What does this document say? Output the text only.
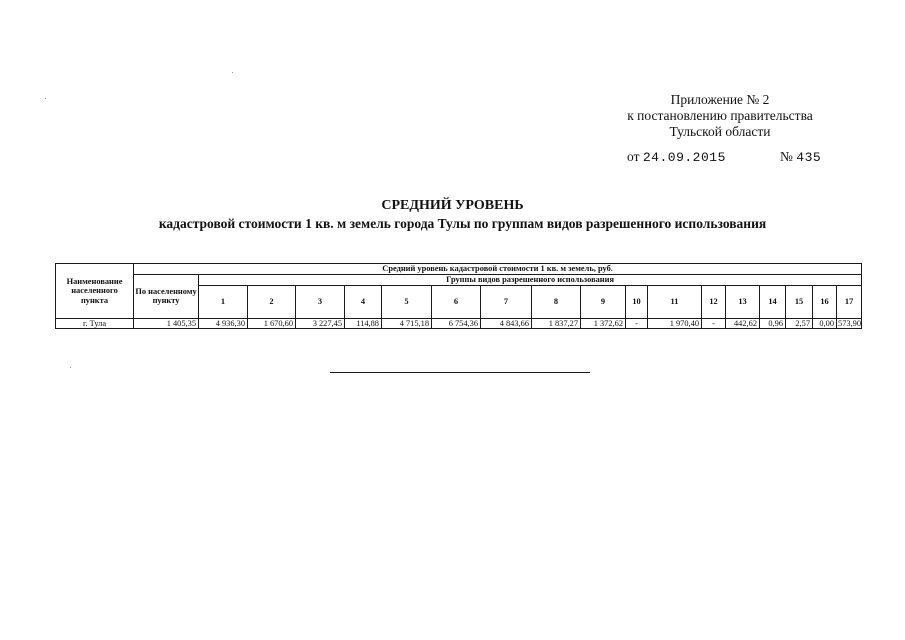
Приложение № 2
к постановлению правительства
Тульской области
от 24.09.2015	№ 435
СРЕДНИЙ УРОВЕНЬ
кадастровой стоимости 1 кв. м земель города Тулы по группам видов разрешенного использования
Наименование населенного пункта	Средний уровень кадастровой стоимости 1 кв. м земель, руб.																	
	По населенному пункту	Группы видов разрешенного использования																
		1	2	3	4	5	6	7	8	9	10	11	12	13	14	15	16	17
г. Тула	1 405,35	4 936,30	1 670,60	3 227,45	114,88	4 715,18	6 754,36	4 843,66	1 837,27	1 372,62	-	1 970,40	-	442,62	0,96	2,57	0,00	573,90
